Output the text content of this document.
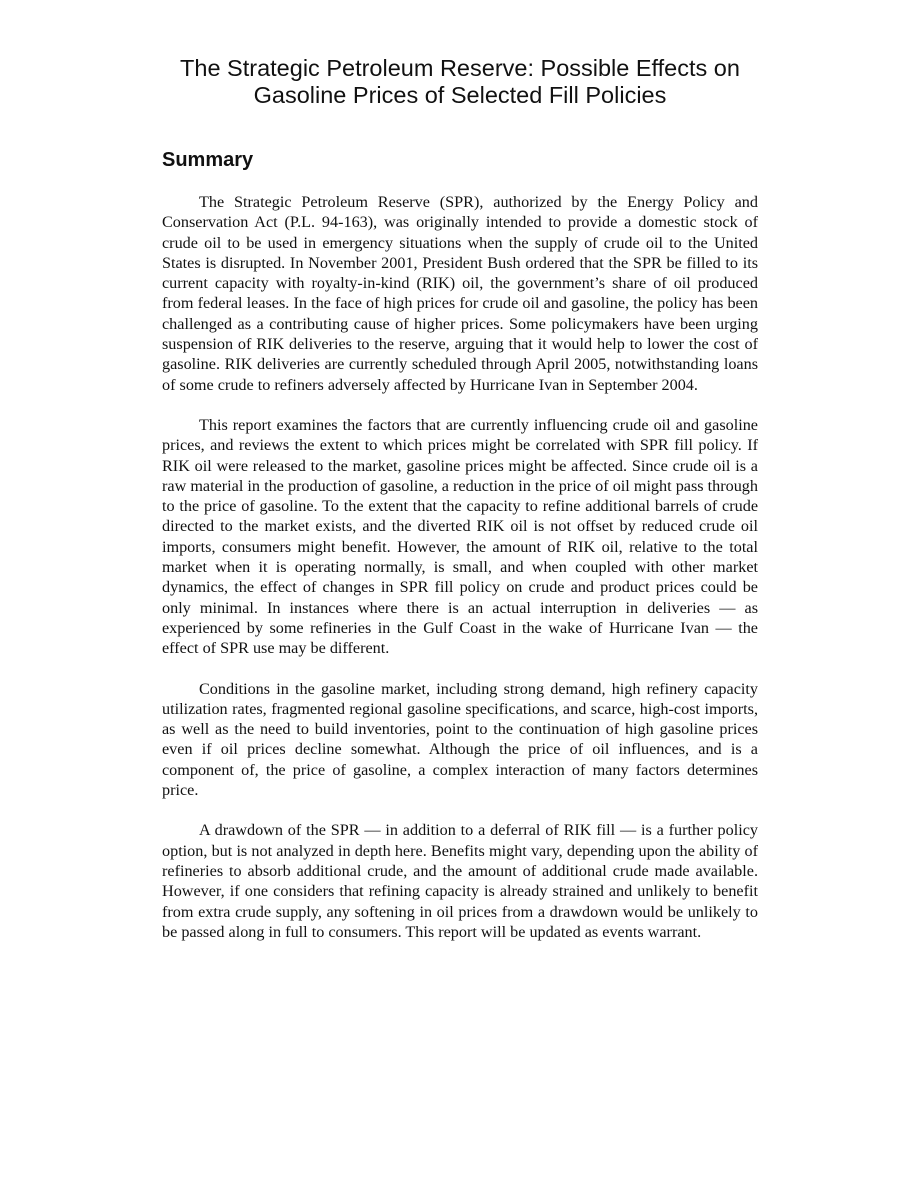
The Strategic Petroleum Reserve: Possible Effects on
Gasoline Prices of Selected Fill Policies
Summary

The Strategic Petroleum Reserve (SPR), authorized by the Energy Policy and Conservation Act (P.L. 94-163), was originally intended to provide a domestic stock of crude oil to be used in emergency situations when the supply of crude oil to the United States is disrupted. In November 2001, President Bush ordered that the SPR be filled to its current capacity with royalty-in-kind (RIK) oil, the government’s share of oil produced from federal leases. In the face of high prices for crude oil and gasoline, the policy has been challenged as a contributing cause of higher prices. Some policymakers have been urging suspension of RIK deliveries to the reserve, arguing that it would help to lower the cost of gasoline. RIK deliveries are currently scheduled through April 2005, notwithstanding loans of some crude to refiners adversely affected by Hurricane Ivan in September 2004.

This report examines the factors that are currently influencing crude oil and gasoline prices, and reviews the extent to which prices might be correlated with SPR fill policy. If RIK oil were released to the market, gasoline prices might be affected. Since crude oil is a raw material in the production of gasoline, a reduction in the price of oil might pass through to the price of gasoline. To the extent that the capacity to refine additional barrels of crude directed to the market exists, and the diverted RIK oil is not offset by reduced crude oil imports, consumers might benefit. However, the amount of RIK oil, relative to the total market when it is operating normally, is small, and when coupled with other market dynamics, the effect of changes in SPR fill policy on crude and product prices could be only minimal. In instances where there is an actual interruption in deliveries — as experienced by some refineries in the Gulf Coast in the wake of Hurricane Ivan — the effect of SPR use may be different.

Conditions in the gasoline market, including strong demand, high refinery capacity utilization rates, fragmented regional gasoline specifications, and scarce, high-cost imports, as well as the need to build inventories, point to the continuation of high gasoline prices even if oil prices decline somewhat. Although the price of oil influences, and is a component of, the price of gasoline, a complex interaction of many factors determines price.

A drawdown of the SPR — in addition to a deferral of RIK fill — is a further policy option, but is not analyzed in depth here. Benefits might vary, depending upon the ability of refineries to absorb additional crude, and the amount of additional crude made available. However, if one considers that refining capacity is already strained and unlikely to benefit from extra crude supply, any softening in oil prices from a drawdown would be unlikely to be passed along in full to consumers. This report will be updated as events warrant.
